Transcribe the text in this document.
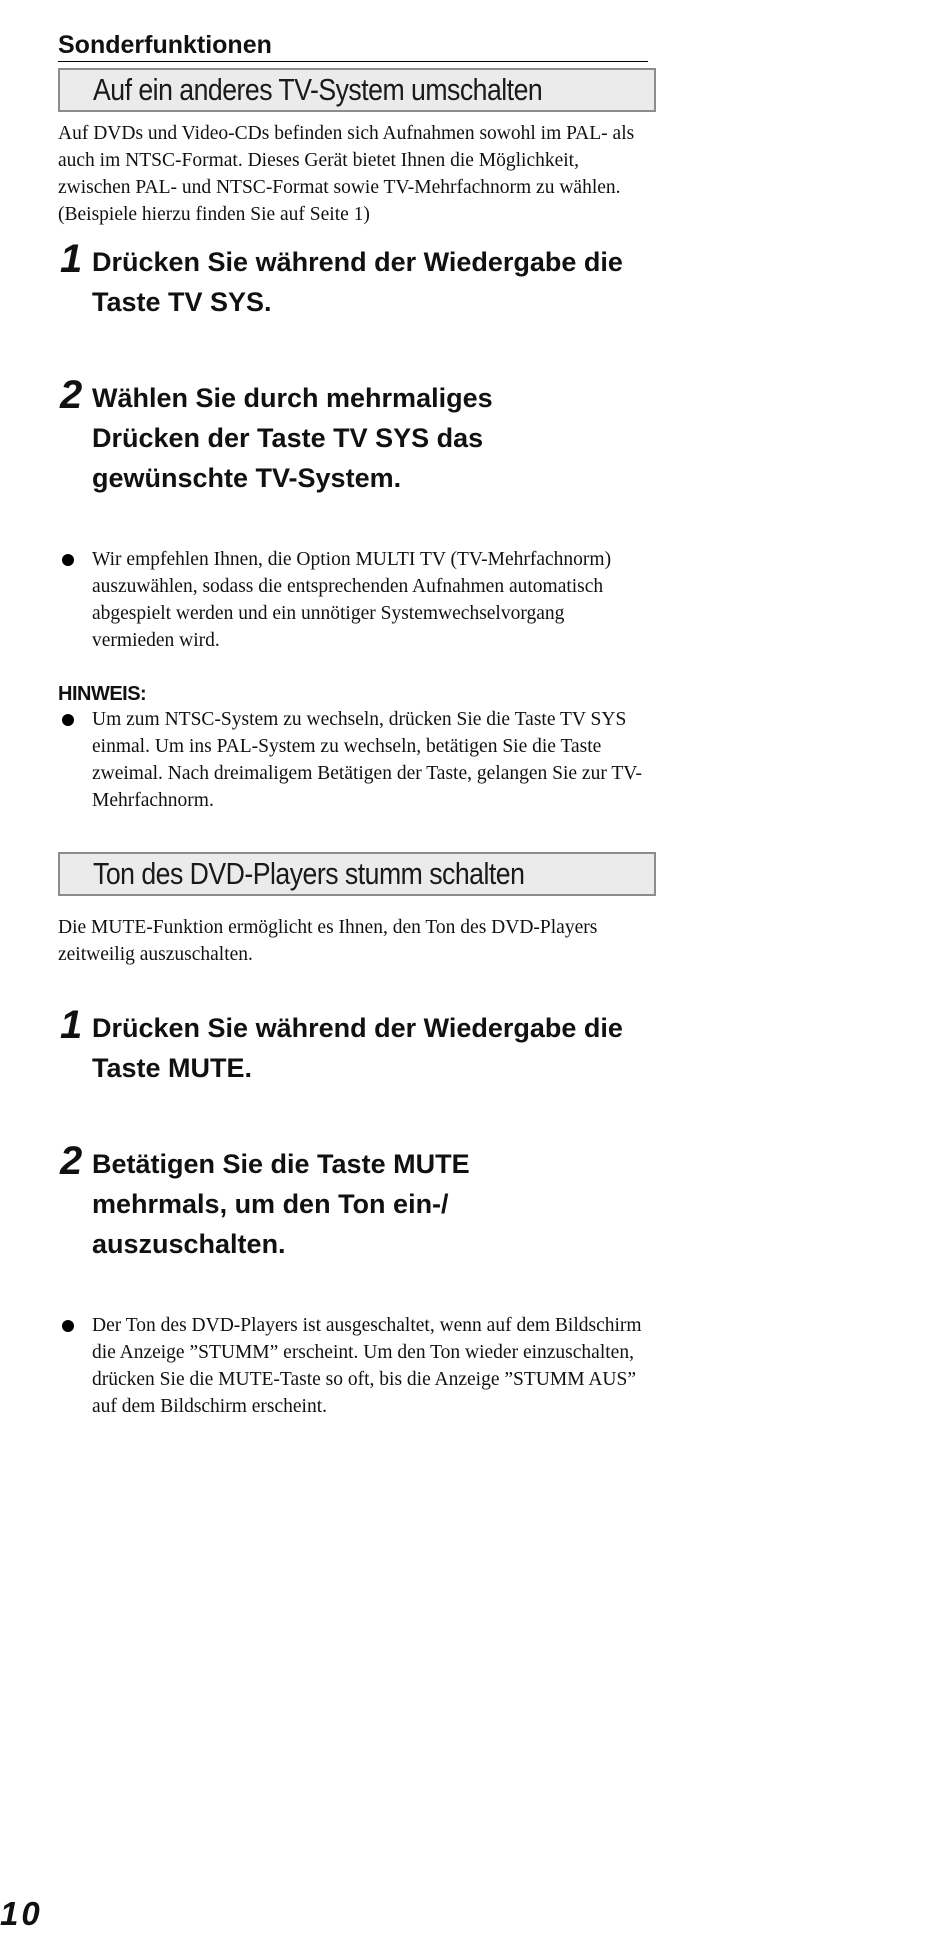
Sonderfunktionen
Auf ein anderes TV-System umschalten

Auf DVDs und Video-CDs befinden sich Aufnahmen sowohl im PAL- als auch im NTSC-Format. Dieses Gerät bietet Ihnen die Möglichkeit, zwischen PAL- und NTSC-Format sowie TV-Mehrfachnorm zu wählen. (Beispiele hierzu finden Sie auf Seite 1)

1 Drücken Sie während der Wiedergabe die Taste TV SYS.
2 Wählen Sie durch mehrmaliges Drücken der Taste TV SYS das gewünschte TV-System.
Wir empfehlen Ihnen, die Option MULTI TV (TV-Mehrfachnorm) auszuwählen, sodass die entsprechenden Aufnahmen automatisch abgespielt werden und ein unnötiger Systemwechselvorgang vermieden wird.
HINWEIS:
Um zum NTSC-System zu wechseln, drücken Sie die Taste TV SYS einmal. Um ins PAL-System zu wechseln, betätigen Sie die Taste zweimal. Nach dreimaligem Betätigen der Taste, gelangen Sie zur TV-Mehrfachnorm.
Ton des DVD-Players stumm schalten

Die MUTE-Funktion ermöglicht es Ihnen, den Ton des DVD-Players zeitweilig auszuschalten.

1 Drücken Sie während der Wiedergabe die Taste MUTE.
2 Betätigen Sie die Taste MUTE mehrmals, um den Ton ein-/ auszuschalten.
Der Ton des DVD-Players ist ausgeschaltet, wenn auf dem Bildschirm die Anzeige ”STUMM” erscheint. Um den Ton wieder einzuschalten, drücken Sie die MUTE-Taste so oft, bis die Anzeige ”STUMM AUS” auf dem Bildschirm erscheint.
10
